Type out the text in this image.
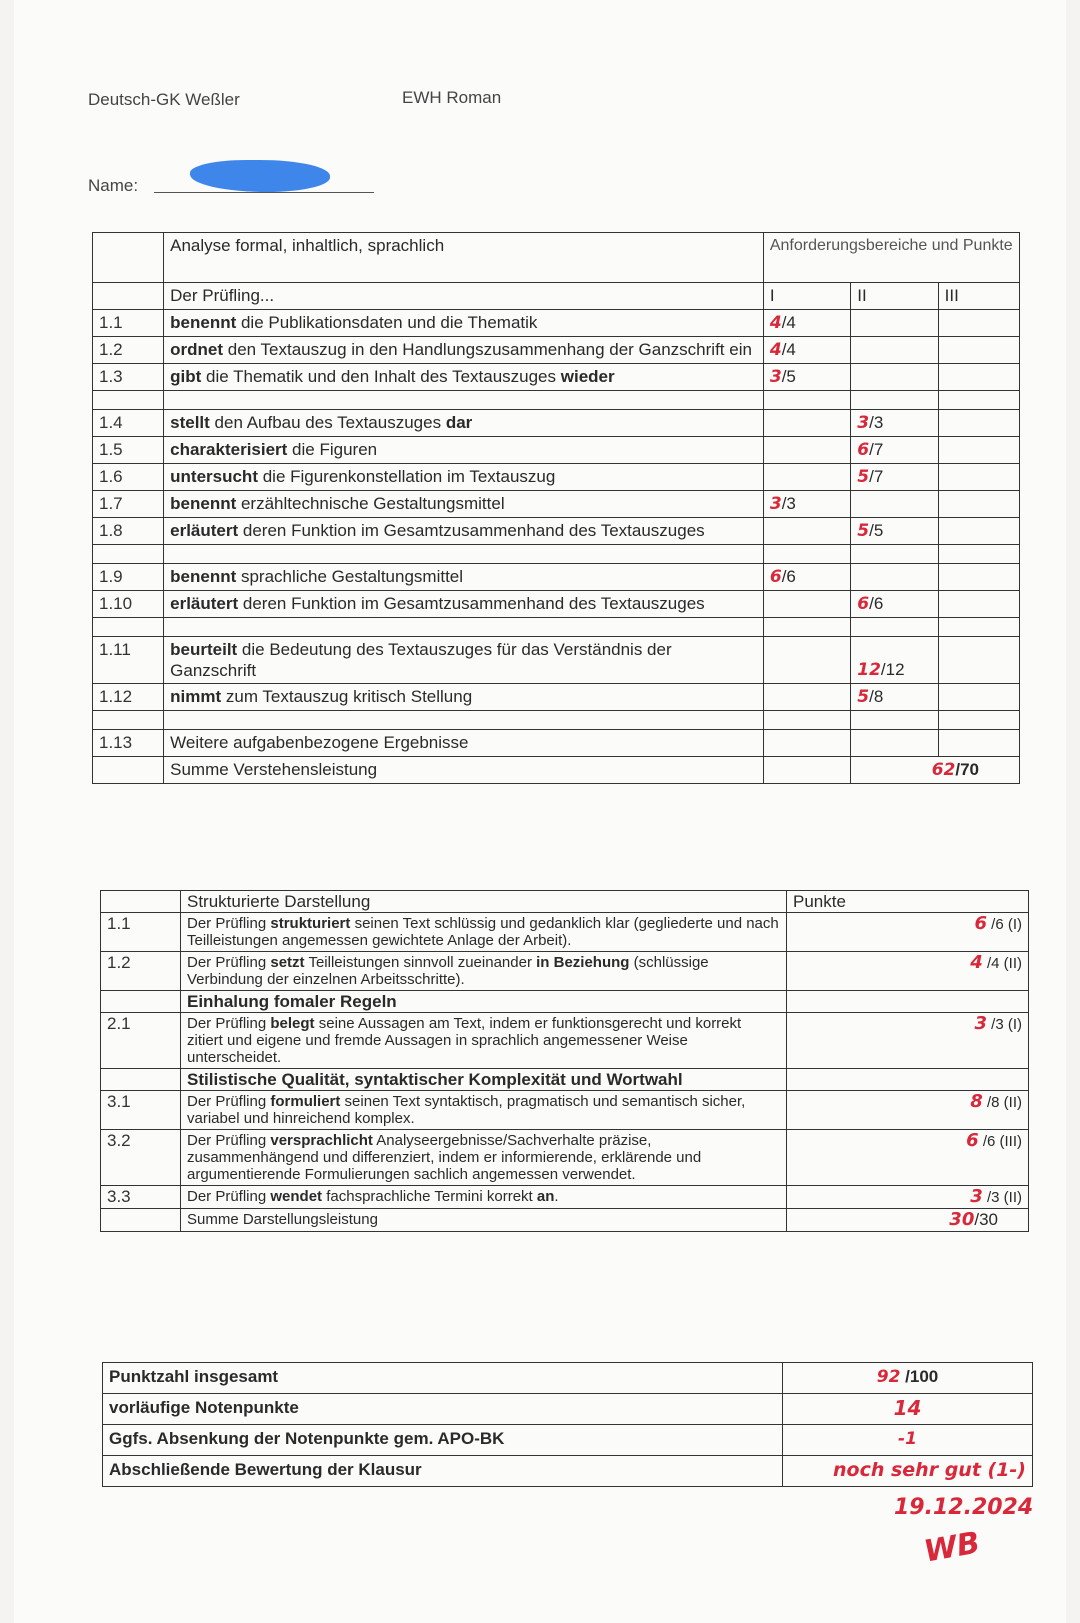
Deutsch-GK Weßler	EWH Roman
Name:
	Analyse formal, inhaltlich, sprachlich	Anforderungsbereiche und Punkte		
	Der Prüfling...	I	II	III
1.1	benennt die Publikationsdaten und die Thematik	4/4		
1.2	ordnet den Textauszug in den Handlungszusammenhang der Ganzschrift ein	4/4		
1.3	gibt die Thematik und den Inhalt des Textauszuges wieder	3/5		

1.4	stellt den Aufbau des Textauszuges dar		3/3	
1.5	charakterisiert die Figuren		6/7	
1.6	untersucht die Figurenkonstellation im Textauszug		5/7	
1.7	benennt erzähltechnische Gestaltungsmittel	3/3		
1.8	erläutert deren Funktion im Gesamtzusammenhand des Textauszuges		5/5	

1.9	benennt sprachliche Gestaltungsmittel	6/6		
1.10	erläutert deren Funktion im Gesamtzusammenhand des Textauszuges		6/6	

1.11	beurteilt die Bedeutung des Textauszuges für das Verständnis der Ganzschrift		12/12	
1.12	nimmt zum Textauszug kritisch Stellung		5/8	

1.13	Weitere aufgabenbezogene Ergebnisse			
	Summe Verstehensleistung		62/70	
	Strukturierte Darstellung	Punkte
1.1	Der Prüfling strukturiert seinen Text schlüssig und gedanklich klar (gegliederte und nach Teilleistungen angemessen gewichtete Anlage der Arbeit).	6 /6 (I)
1.2	Der Prüfling setzt Teilleistungen sinnvoll zueinander in Beziehung (schlüssige Verbindung der einzelnen Arbeitsschritte).	4 /4 (II)
	Einhalung fomaler Regeln	
2.1	Der Prüfling belegt seine Aussagen am Text, indem er funktionsgerecht und korrekt zitiert und eigene und fremde Aussagen in sprachlich angemessener Weise unterscheidet.	3 /3 (I)
	Stilistische Qualität, syntaktischer Komplexität und Wortwahl	
3.1	Der Prüfling formuliert seinen Text syntaktisch, pragmatisch und semantisch sicher, variabel und hinreichend komplex.	8 /8 (II)
3.2	Der Prüfling versprachlicht Analyseergebnisse/Sachverhalte präzise, zusammenhängend und differenziert, indem er informierende, erklärende und argumentierende Formulierungen sachlich angemessen verwendet.	6 /6 (III)
3.3	Der Prüfling wendet fachsprachliche Termini korrekt an.	3 /3 (II)
	Summe Darstellungsleistung	30/30
Punktzahl insgesamt	92 /100
vorläufige Notenpunkte	14
Ggfs. Absenkung der Notenpunkte gem. APO-BK	-1
Abschließende Bewertung der Klausur	noch sehr gut (1-)
19.12.2024
WB
